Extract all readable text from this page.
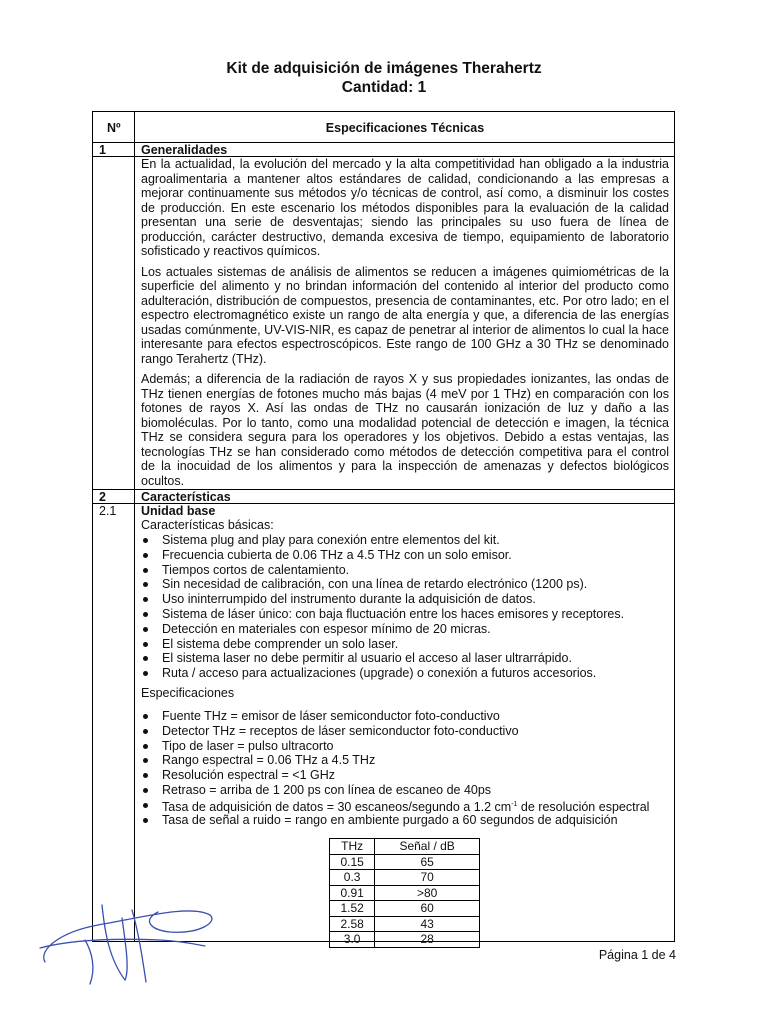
Kit de adquisición de imágenes Therahertz
Cantidad: 1
Nº	Especificaciones Técnicas
1	Generalidades

En la actualidad, la evolución del mercado y la alta competitividad han obligado a la industria agroalimentaria a mantener altos estándares de calidad, condicionando a las empresas a mejorar continuamente sus métodos y/o técnicas de control, así como, a disminuir los costes de producción. En este escenario los métodos disponibles para la evaluación de la calidad presentan una serie de desventajas; siendo las principales su uso fuera de línea de producción, carácter destructivo, demanda excesiva de tiempo, equipamiento de laboratorio sofisticado y reactivos químicos.

Los actuales sistemas de análisis de alimentos se reducen a imágenes quimiométricas de la superficie del alimento y no brindan información del contenido al interior del producto como adulteración, distribución de compuestos, presencia de contaminantes, etc. Por otro lado; en el espectro electromagnético existe un rango de alta energía y que, a diferencia de las energías usadas comúnmente, UV-VIS-NIR, es capaz de penetrar al interior de alimentos lo cual la hace interesante para efectos espectroscópicos. Este rango de 100 GHz a 30 THz se denominado rango Terahertz (THz).

Además; a diferencia de la radiación de rayos X y sus propiedades ionizantes, las ondas de THz tienen energías de fotones mucho más bajas (4 meV por 1 THz) en comparación con los fotones de rayos X. Así las ondas de THz no causarán ionización de luz y daño a las biomoléculas. Por lo tanto, como una modalidad potencial de detección e imagen, la técnica THz se considera segura para los operadores y los objetivos. Debido a estas ventajas, las tecnologías THz se han considerado como métodos de detección competitiva para el control de la inocuidad de los alimentos y para la inspección de amenazas y defectos biológicos ocultos.

2	Características
2.1 Unidad base
Características básicas:
Sistema plug and play para conexión entre elementos del kit.
Frecuencia cubierta de 0.06 THz a 4.5 THz con un solo emisor.
Tiempos cortos de calentamiento.
Sin necesidad de calibración, con una línea de retardo electrónico (1200 ps).
Uso ininterrumpido del instrumento durante la adquisición de datos.
Sistema de láser único: con baja fluctuación entre los haces emisores y receptores.
Detección en materiales con espesor mínimo de 20 micras.
El sistema debe comprender un solo laser.
El sistema laser no debe permitir al usuario el acceso al laser ultrarrápido.
Ruta / acceso para actualizaciones (upgrade) o conexión a futuros accesorios.
Especificaciones
Fuente THz = emisor de láser semiconductor foto-conductivo
Detector THz = receptos de láser semiconductor foto-conductivo
Tipo de laser = pulso ultracorto
Rango espectral = 0.06 THz a 4.5 THz
Resolución espectral = <1 GHz
Retraso = arriba de 1 200 ps con línea de escaneo de 40ps
Tasa de adquisición de datos = 30 escaneos/segundo a 1.2 $cm^{-1}$ de resolución espectral
Tasa de señal a ruido = rango en ambiente purgado a 60 segundos de adquisición
THz	Señal / dB
0.15	65
0.3	70
0.91	>80
1.52	60
2.58	43
3.0	28
Página 1 de 4
